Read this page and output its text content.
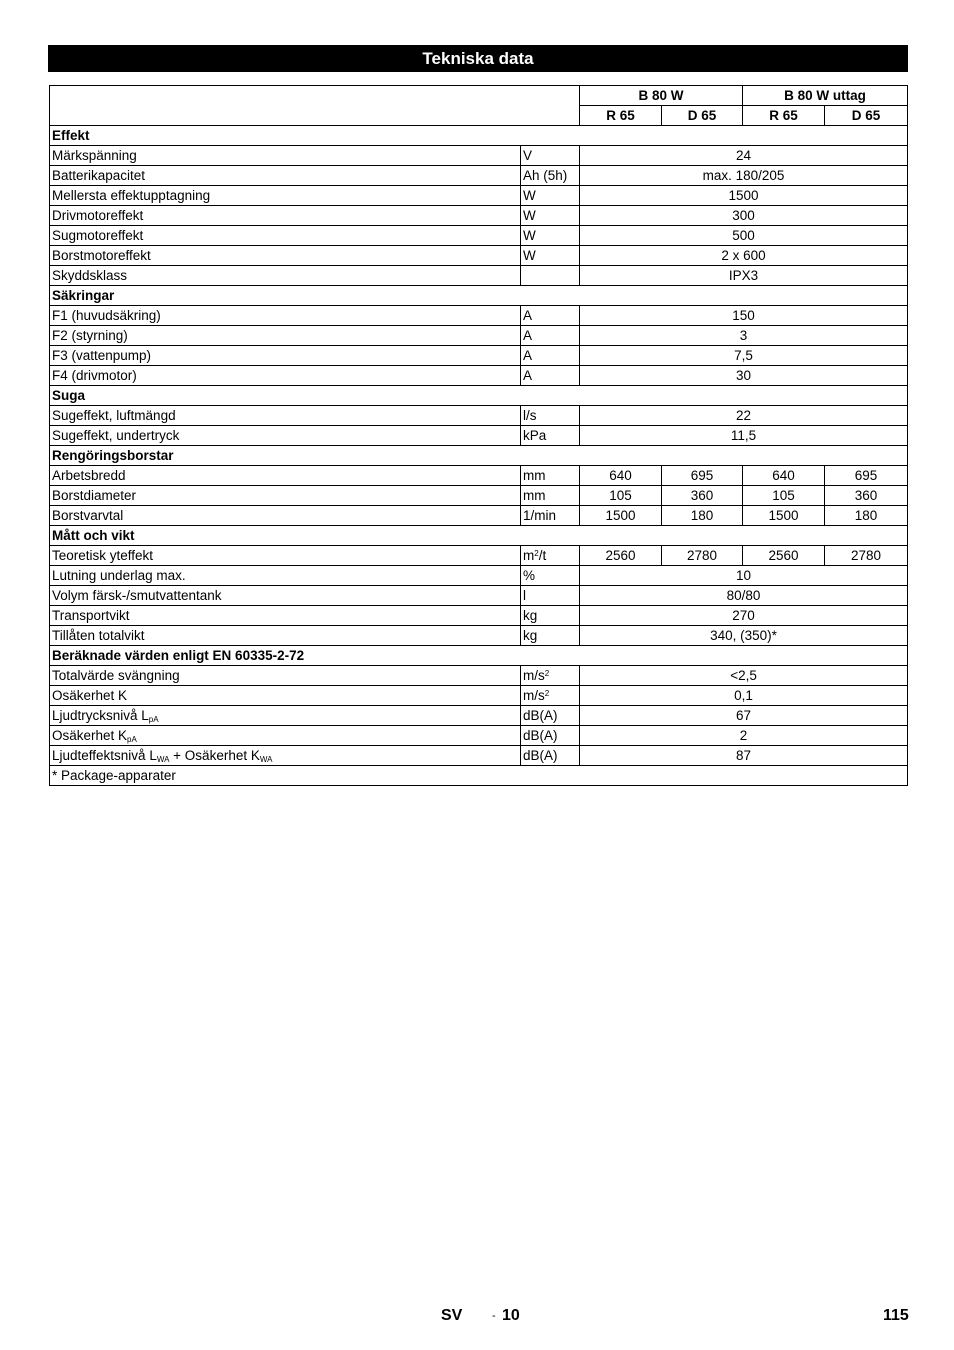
Tekniska data
		B 80 W		B 80 W uttag	
		R 65	D 65	R 65	D 65
Effekt					
Märkspänning	V	24			
Batterikapacitet	Ah (5h)	max. 180/205			
Mellersta effektupptagning	W	1500			
Drivmotoreffekt	W	300			
Sugmotoreffekt	W	500			
Borstmotoreffekt	W	2 x 600			
Skyddsklass		IPX3			
Säkringar					
F1 (huvudsäkring)	A	150			
F2 (styrning)	A	3			
F3 (vattenpump)	A	7,5			
F4 (drivmotor)	A	30			
Suga					
Sugeffekt, luftmängd	l/s	22			
Sugeffekt, undertryck	kPa	11,5			
Rengöringsborstar					
Arbetsbredd	mm	640	695	640	695
Borstdiameter	mm	105	360	105	360
Borstvarvtal	1/min	1500	180	1500	180
Mått och vikt					
Teoretisk yteffekt	$m^2/t$	2560	2780	2560	2780
Lutning underlag max.	%	10			
Volym färsk-/smutvattentank	l	80/80			
Transportvikt	kg	270			
Tillåten totalvikt	kg	340, (350)*			
Beräknade värden enligt EN 60335-2-72					
Totalvärde svängning	$m/s^2$	<2,5			
Osäkerhet K	$m/s^2$	0,1			
Ljudtrycksnivå $L_{pA}$	dB(A)	67			
Osäkerhet $K_{pA}$	dB(A)	2			
Ljudteffektsnivå $L_{WA}$ + Osäkerhet $K_{WA}$	dB(A)	87			
* Package-apparater					
SV	- 10	115
